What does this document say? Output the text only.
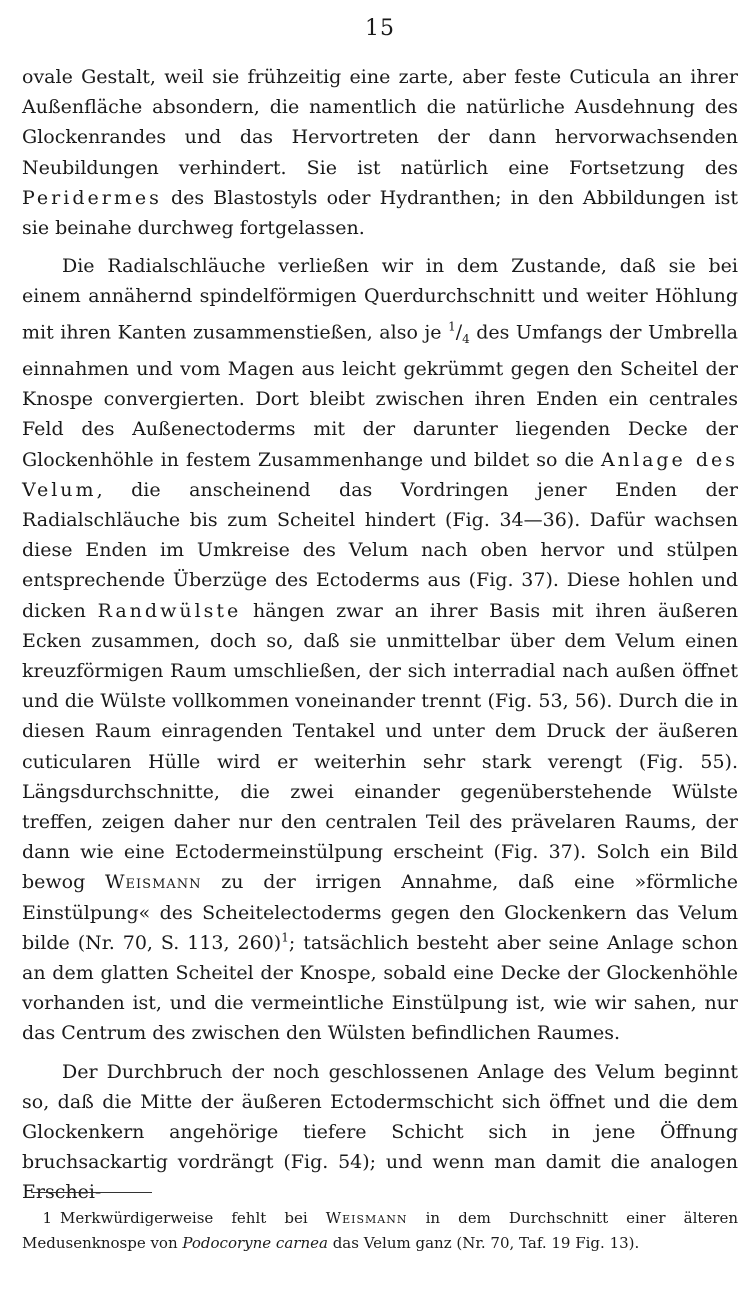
15

ovale Gestalt, weil sie frühzeitig eine zarte, aber feste Cuticula an ihrer Außenfläche absondern, die namentlich die natürliche Ausdehnung des Glockenrandes und das Hervortreten der dann hervorwachsenden Neubildungen verhindert. Sie ist natürlich eine Fortsetzung des Peridermes des Blastostyls oder Hydranthen; in den Abbildungen ist sie beinahe durchweg fortgelassen.

Die Radialschläuche verließen wir in dem Zustande, daß sie bei einem annähernd spindelförmigen Querdurchschnitt und weiter Höhlung mit ihren Kanten zusammenstießen, also je $^1/_4$ des Umfangs der Umbrella einnahmen und vom Magen aus leicht gekrümmt gegen den Scheitel der Knospe convergierten. Dort bleibt zwischen ihren Enden ein centrales Feld des Außenectoderms mit der darunter liegenden Decke der Glockenhöhle in festem Zusammenhange und bildet so die Anlage des Velum, die anscheinend das Vordringen jener Enden der Radialschläuche bis zum Scheitel hindert (Fig. 34—36). Dafür wachsen diese Enden im Umkreise des Velum nach oben hervor und stülpen entsprechende Überzüge des Ectoderms aus (Fig. 37). Diese hohlen und dicken Randwülste hängen zwar an ihrer Basis mit ihren äußeren Ecken zusammen, doch so, daß sie unmittelbar über dem Velum einen kreuzförmigen Raum umschließen, der sich interradial nach außen öffnet und die Wülste vollkommen voneinander trennt (Fig. 53, 56). Durch die in diesen Raum einragenden Tentakel und unter dem Druck der äußeren cuticularen Hülle wird er weiterhin sehr stark verengt (Fig. 55). Längsdurchschnitte, die zwei einander gegenüberstehende Wülste treffen, zeigen daher nur den centralen Teil des prävelaren Raums, der dann wie eine Ectodermeinstülpung erscheint (Fig. 37). Solch ein Bild bewog Weismann zu der irrigen Annahme, daß eine »förmliche Einstülpung« des Scheitelectoderms gegen den Glockenkern das Velum bilde (Nr. 70, S. 113, 260)$^1$; tatsächlich besteht aber seine Anlage schon an dem glatten Scheitel der Knospe, sobald eine Decke der Glockenhöhle vorhanden ist, und die vermeintliche Einstülpung ist, wie wir sahen, nur das Centrum des zwischen den Wülsten befindlichen Raumes.

Der Durchbruch der noch geschlossenen Anlage des Velum beginnt so, daß die Mitte der äußeren Ectodermschicht sich öffnet und die dem Glockenkern angehörige tiefere Schicht sich in jene Öffnung bruchsackartig vordrängt (Fig. 54); und wenn man damit die analogen Erschei-

1 Merkwürdigerweise fehlt bei Weismann in dem Durchschnitt einer älteren Medusenknospe von Podocoryne carnea das Velum ganz (Nr. 70, Taf. 19 Fig. 13).
